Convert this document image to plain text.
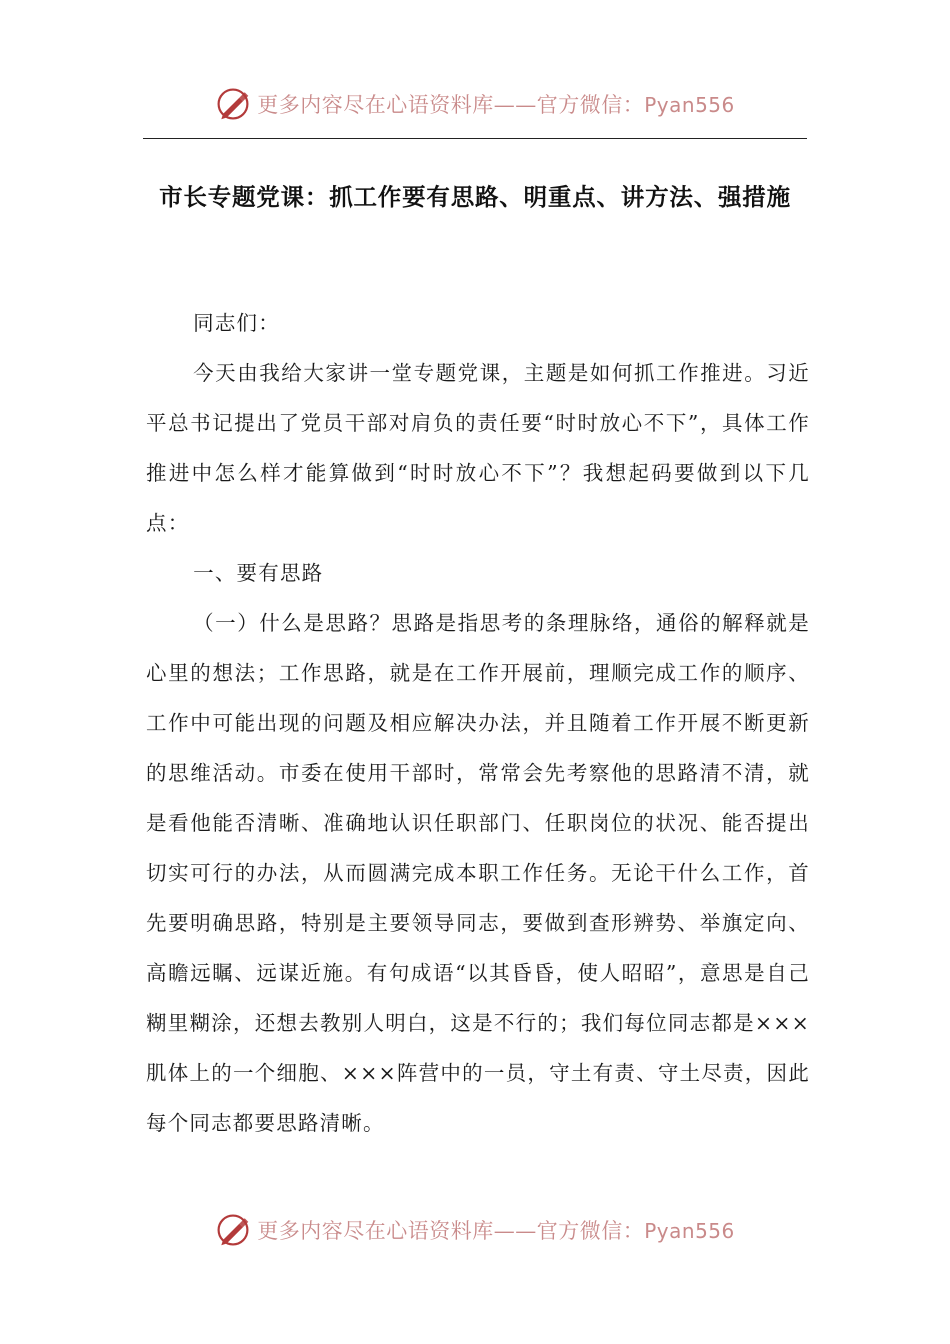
更多内容尽在心语资料库——官方微信：Pyan556
市长专题党课：抓工作要有思路、明重点、讲方法、强措施

同志们：

今天由我给大家讲一堂专题党课，主题是如何抓工作推进。习近平总书记提出了党员干部对肩负的责任要“时时放心不下”，具体工作推进中怎么样才能算做到“时时放心不下”？我想起码要做到以下几点：

一、要有思路

（一）什么是思路？思路是指思考的条理脉络，通俗的解释就是心里的想法；工作思路，就是在工作开展前，理顺完成工作的顺序、工作中可能出现的问题及相应解决办法，并且随着工作开展不断更新的思维活动。市委在使用干部时，常常会先考察他的思路清不清，就是看他能否清晰、准确地认识任职部门、任职岗位的状况、能否提出切实可行的办法，从而圆满完成本职工作任务。无论干什么工作，首先要明确思路，特别是主要领导同志，要做到查形辨势、举旗定向、高瞻远瞩、远谋近施。有句成语“以其昏昏，使人昭昭”，意思是自己糊里糊涂，还想去教别人明白，这是不行的；我们每位同志都是×××肌体上的一个细胞、×××阵营中的一员，守土有责、守土尽责，因此每个同志都要思路清晰。

更多内容尽在心语资料库——官方微信：Pyan556
